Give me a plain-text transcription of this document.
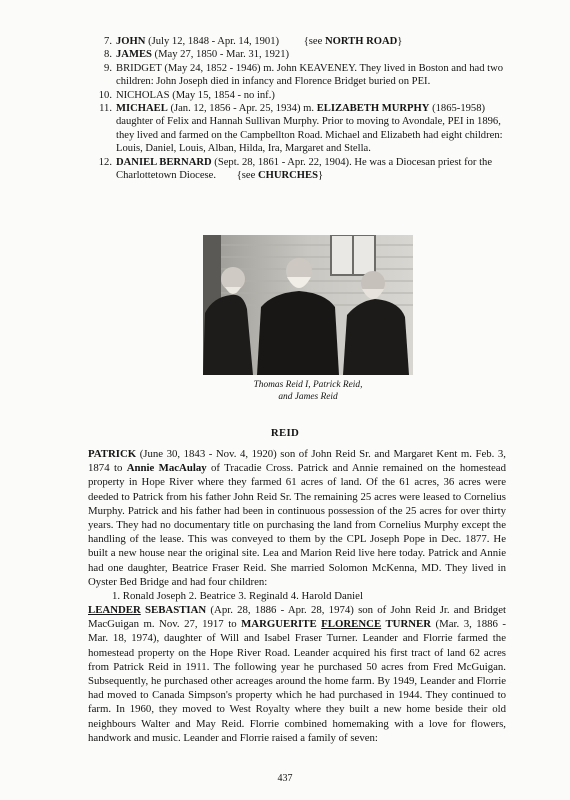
7. JOHN (July 12, 1848 - Apr. 14, 1901) {see NORTH ROAD}
8. JAMES (May 27, 1850 - Mar. 31, 1921)
9. BRIDGET (May 24, 1852 - 1946) m. John KEAVENEY. They lived in Boston and had two children: John Joseph died in infancy and Florence Bridget buried on PEI.
10. NICHOLAS (May 15, 1854 - no inf.)
11. MICHAEL (Jan. 12, 1856 - Apr. 25, 1934) m. ELIZABETH MURPHY (1865-1958) daughter of Felix and Hannah Sullivan Murphy. Prior to moving to Avondale, PEI in 1896, they lived and farmed on the Campbellton Road. Michael and Elizabeth had eight children: Louis, Daniel, Louis, Alban, Hilda, Ira, Margaret and Stella.
12. DANIEL BERNARD (Sept. 28, 1861 - Apr. 22, 1904). He was a Diocesan priest for the Charlottetown Diocese. {see CHURCHES}
Thomas Reid I, Patrick Reid,
and James Reid
REID
PATRICK (June 30, 1843 - Nov. 4, 1920) son of John Reid Sr. and Margaret Kent m. Feb. 3, 1874 to Annie MacAulay of Tracadie Cross. Patrick and Annie remained on the homestead property in Hope River where they farmed 61 acres of land. Of the 61 acres, 36 acres were deeded to Patrick from his father John Reid Sr. The remaining 25 acres were leased to Cornelius Murphy. Patrick and his father had been in continuous possession of the 25 acres for over thirty years. They had no documentary title on purchasing the land from Cornelius Murphy except the handling of the lease. This was conveyed to them by the CPL Joseph Pope in Dec. 1877. He built a new house near the original site. Lea and Marion Reid live here today. Patrick and Annie had one daughter, Beatrice Fraser Reid. She married Solomon McKenna, MD. They lived in Oyster Bed Bridge and had four children:
1. Ronald Joseph 2. Beatrice 3. Reginald 4. Harold Daniel
LEANDER SEBASTIAN (Apr. 28, 1886 - Apr. 28, 1974) son of John Reid Jr. and Bridget MacGuigan m. Nov. 27, 1917 to MARGUERITE FLORENCE TURNER (Mar. 3, 1886 - Mar. 18, 1974), daughter of Will and Isabel Fraser Turner. Leander and Florrie farmed the homestead property on the Hope River Road. Leander acquired his first tract of land 62 acres from Patrick Reid in 1911. The following year he purchased 50 acres from Fred McGuigan. Subsequently, he purchased other acreages around the home farm. By 1949, Leander and Florrie had moved to Canada Simpson's property which he had purchased in 1944. They continued to farm. In 1960, they moved to West Royalty where they built a new home beside their old neighbours Walter and May Reid. Florrie combined homemaking with a love for flowers, handwork and music. Leander and Florrie raised a family of seven:
437
